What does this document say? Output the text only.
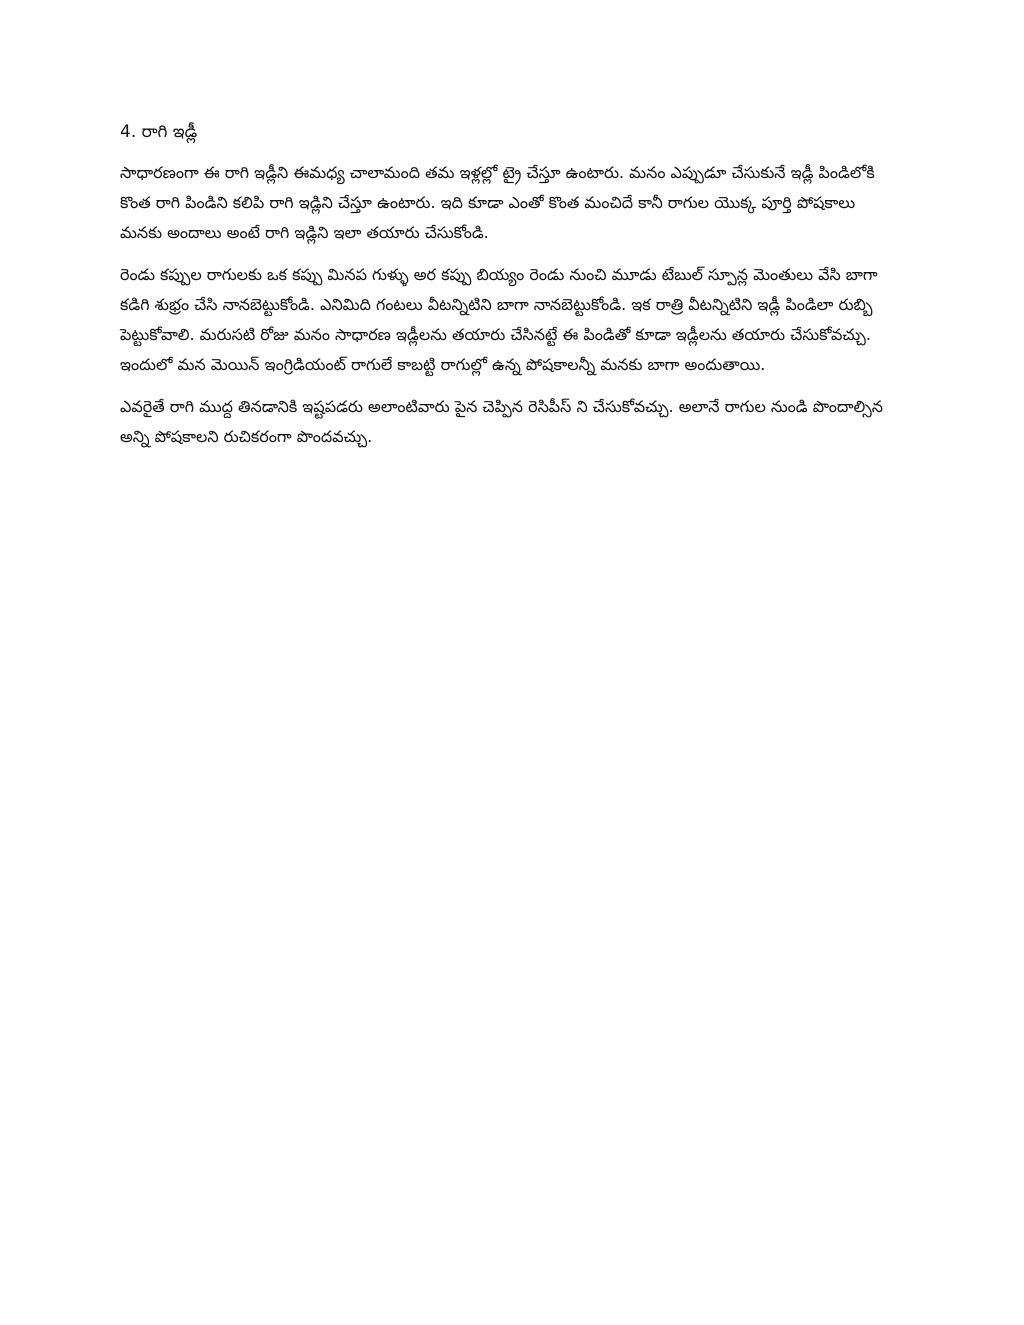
4. రాగి ఇడ్లీ

సాధారణంగా ఈ రాగి ఇడ్లీని ఈమధ్య చాలామంది తమ ఇళ్లల్లో ట్రై చేస్తూ ఉంటారు. మనం ఎప్పుడూ చేసుకునే ఇడ్లీ పిండిలోకి కొంత రాగి పిండిని కలిపి రాగి ఇడ్లిని చేస్తూ ఉంటారు. ఇది కూడా ఎంతో కొంత మంచిదే కానీ రాగుల యొక్క పూర్తి పోషకాలు మనకు అందాలు అంటే రాగి ఇడ్లిని ఇలా తయారు చేసుకోండి.

రెండు కప్పుల రాగులకు ఒక కప్పు మినప గుళ్ళు అర కప్పు బియ్యం రెండు నుంచి మూడు టేబుల్ స్పూన్ల మెంతులు వేసి బాగా కడిగి శుభ్రం చేసి నానబెట్టుకోండి. ఎనిమిది గంటలు వీటన్నిటిని బాగా నానబెట్టుకోండి. ఇక రాత్రి వీటన్నిటిని ఇడ్లీ పిండిలా రుబ్బి పెట్టుకోవాలి. మరుసటి రోజు మనం సాధారణ ఇడ్లీలను తయారు చేసినట్టే ఈ పిండితో కూడా ఇడ్లీలను తయారు చేసుకోవచ్చు. ఇందులో మన మెయిన్ ఇంగ్రిడియంట్ రాగులే కాబట్టి రాగుల్లో ఉన్న పోషకాలన్నీ మనకు బాగా అందుతాయి.

ఎవరైతే రాగి ముద్ద తినడానికి ఇష్టపడరు అలాంటివారు పైన చెప్పిన రెసిపీస్ ని చేసుకోవచ్చు. అలానే రాగుల నుండి పొందాల్సిన అన్ని పోషకాలని రుచికరంగా పొందవచ్చు.
